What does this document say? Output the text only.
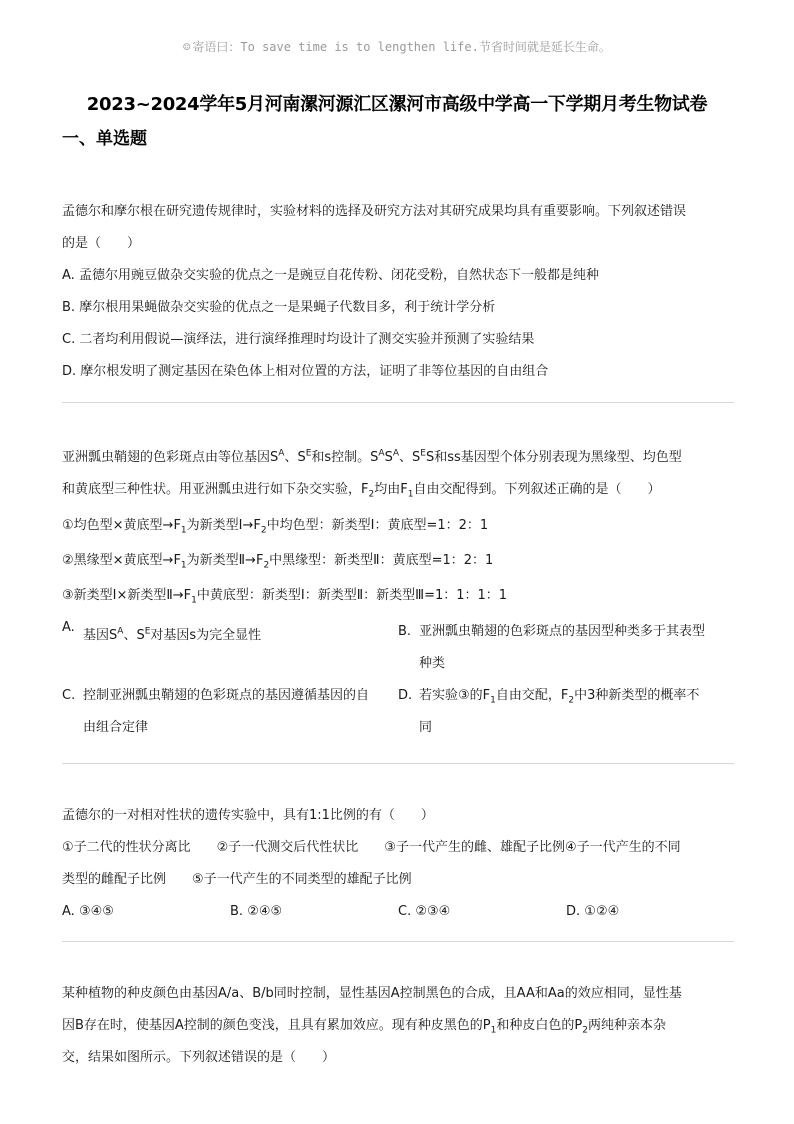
☺ 寄语曰：To save time is to lengthen life.节省时间就是延长生命。
2023~2024学年5月河南漯河源汇区漯河市高级中学高一下学期月考生物试卷
一、单选题

孟德尔和摩尔根在研究遗传规律时，实验材料的选择及研究方法对其研究成果均具有重要影响。下列叙述错误

的是（　　）

A. 孟德尔用豌豆做杂交实验的优点之一是豌豆自花传粉、闭花受粉，自然状态下一般都是纯种

B. 摩尔根用果蝇做杂交实验的优点之一是果蝇子代数目多，利于统计学分析

C. 二者均利用假说—演绎法，进行演绎推理时均设计了测交实验并预测了实验结果

D. 摩尔根发明了测定基因在染色体上相对位置的方法，证明了非等位基因的自由组合

亚洲瓢虫鞘翅的色彩斑点由等位基因$S^A$、$S^E$和s控制。$S^AS^A$、$S^ES$和ss基因型个体分别表现为黑缘型、均色型

和黄底型三种性状。用亚洲瓢虫进行如下杂交实验，$F_2$均由$F_1$自由交配得到。下列叙述正确的是（　　）

①均色型×黄底型$\to F_1$为新类型$Ⅰ\to F_2$中均色型：新类型Ⅰ：黄底型=1：2：1

②黑缘型×黄底型$\to F_1$为新类型$Ⅱ\to F_2$中黑缘型：新类型Ⅱ：黄底型=1：2：1

③新类型Ⅰ×新类型$Ⅱ\to F_1$中黄底型：新类型Ⅰ：新类型Ⅱ：新类型Ⅲ=1：1：1：1

A.
基因$S^A$、$S^E$对基因s为完全显性	B. 亚洲瓢虫鞘翅的色彩斑点的基因型种类多于其表型
种类
C. 控制亚洲瓢虫鞘翅的色彩斑点的基因遵循基因的自
由组合定律
D. 若实验③的$F_1$自由交配，$F_2$中3种新类型的概率不
同

孟德尔的一对相对性状的遗传实验中，具有1:1比例的有（　　）

①子二代的性状分离比　　②子一代测交后代性状比　　③子一代产生的雌、雄配子比例④子一代产生的不同

类型的雌配子比例　　⑤子一代产生的不同类型的雄配子比例

A. ③④⑤	B. ②④⑤	C. ②③④	D. ①②④

某种植物的种皮颜色由基因A/a、B/b同时控制，显性基因A控制黑色的合成，且AA和Aa的效应相同，显性基

因B存在时，使基因A控制的颜色变浅，且具有累加效应。现有种皮黑色的$P_1$和种皮白色的$P_2$两纯种亲本杂

交，结果如图所示。下列叙述错误的是（　　）
